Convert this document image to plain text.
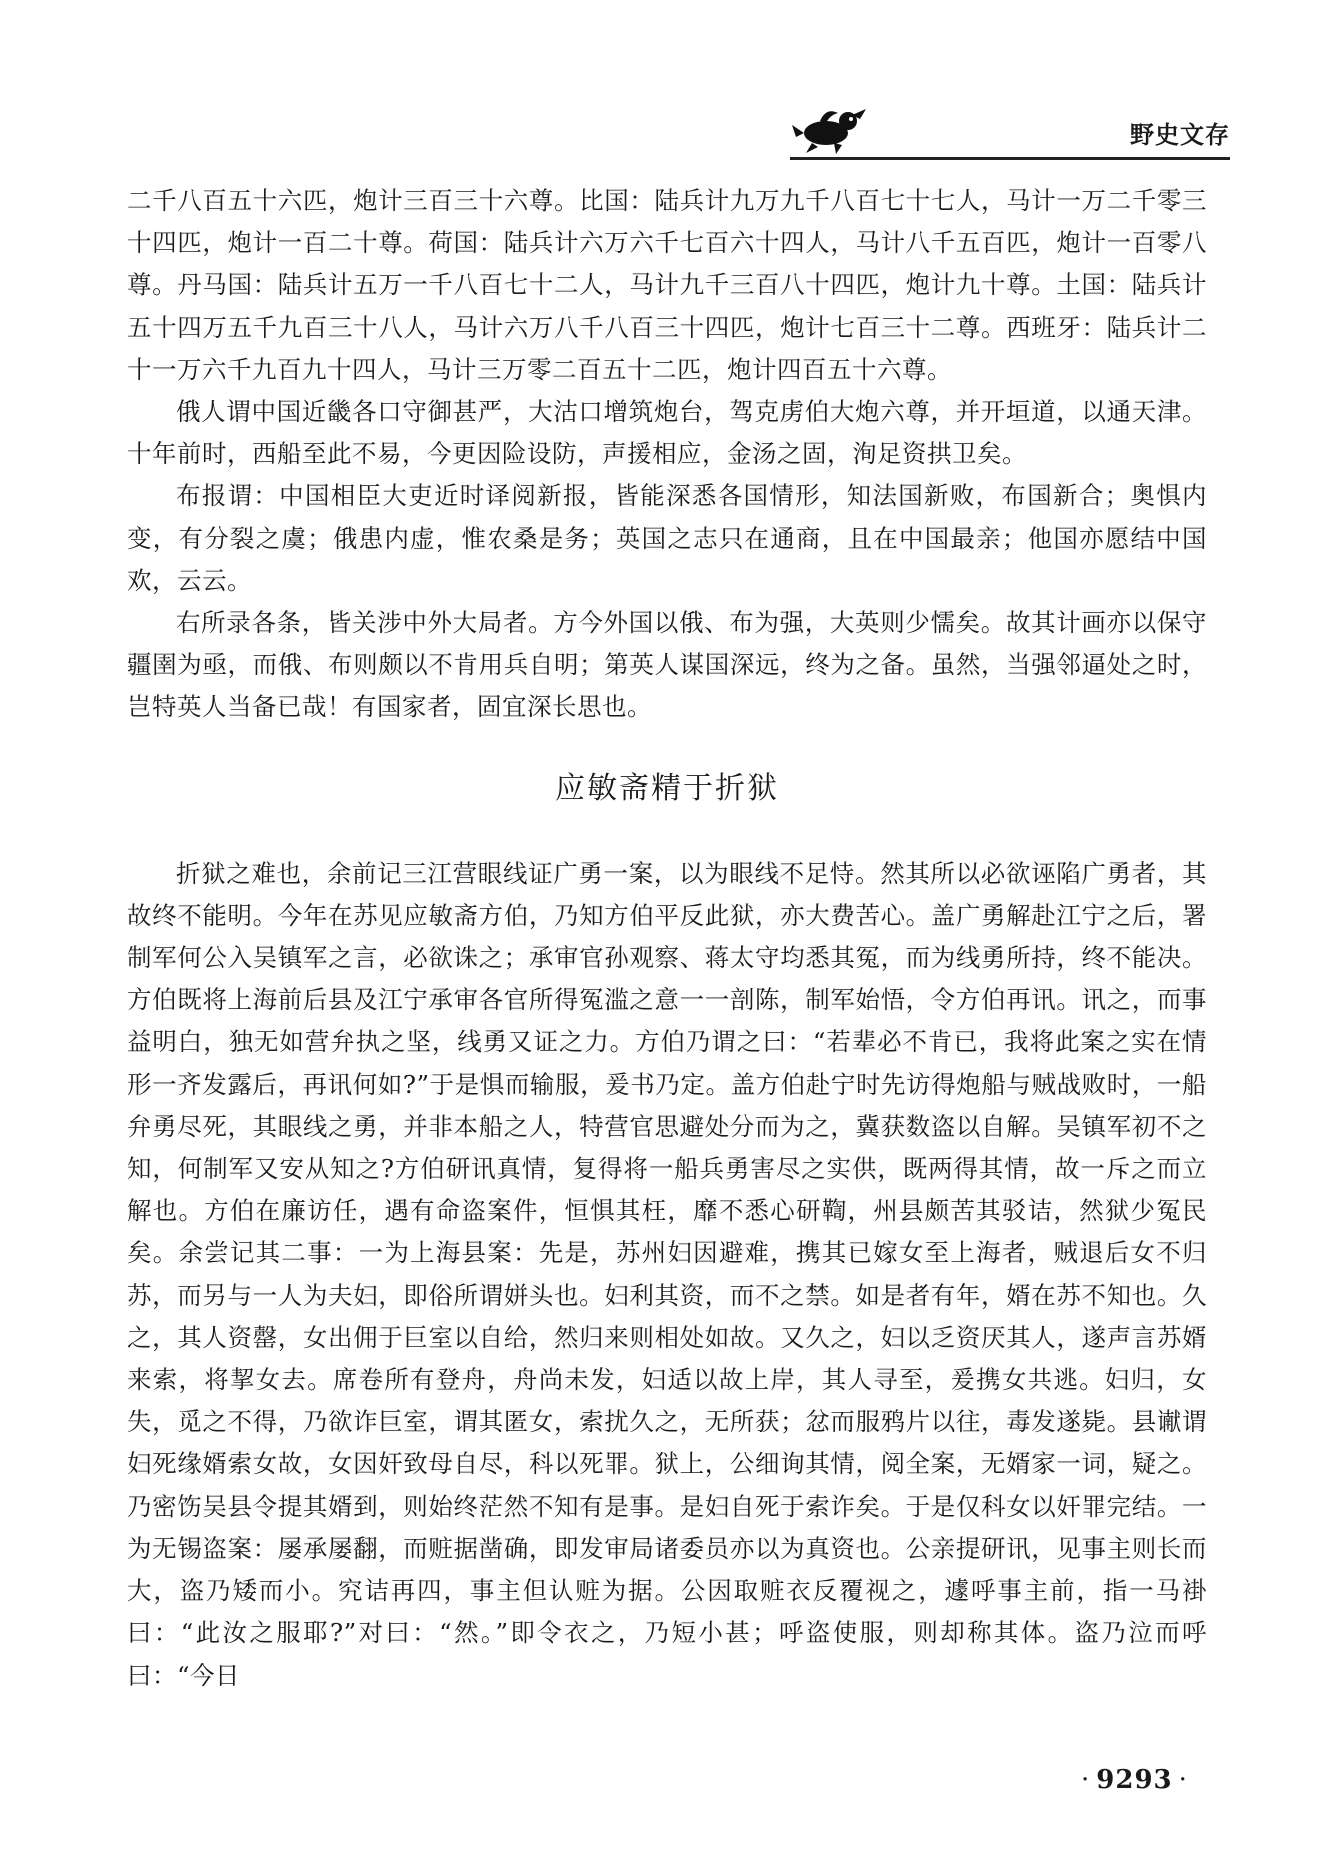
野史文存

二千八百五十六匹，炮计三百三十六尊。比国：陆兵计九万九千八百七十七人，马计一万二千零三十四匹，炮计一百二十尊。荷国：陆兵计六万六千七百六十四人，马计八千五百匹，炮计一百零八尊。丹马国：陆兵计五万一千八百七十二人，马计九千三百八十四匹，炮计九十尊。土国：陆兵计五十四万五千九百三十八人，马计六万八千八百三十四匹，炮计七百三十二尊。西班牙：陆兵计二十一万六千九百九十四人，马计三万零二百五十二匹，炮计四百五十六尊。

俄人谓中国近畿各口守御甚严，大沽口增筑炮台，驾克虏伯大炮六尊，并开垣道，以通天津。十年前时，西船至此不易，今更因险设防，声援相应，金汤之固，洵足资拱卫矣。

布报谓：中国相臣大吏近时译阅新报，皆能深悉各国情形，知法国新败，布国新合；奥惧内变，有分裂之虞；俄患内虚，惟农桑是务；英国之志只在通商，且在中国最亲；他国亦愿结中国欢，云云。

右所录各条，皆关涉中外大局者。方今外国以俄、布为强，大英则少懦矣。故其计画亦以保守疆圉为亟，而俄、布则颇以不肯用兵自明；第英人谋国深远，终为之备。虽然，当强邻逼处之时，岂特英人当备已哉！有国家者，固宜深长思也。

应敏斋精于折狱

折狱之难也，余前记三江营眼线证广勇一案，以为眼线不足恃。然其所以必欲诬陷广勇者，其故终不能明。今年在苏见应敏斋方伯，乃知方伯平反此狱，亦大费苦心。盖广勇解赴江宁之后，署制军何公入吴镇军之言，必欲诛之；承审官孙观察、蒋太守均悉其冤，而为线勇所持，终不能决。方伯既将上海前后县及江宁承审各官所得冤滥之意一一剖陈，制军始悟，令方伯再讯。讯之，而事益明白，独无如营弁执之坚，线勇又证之力。方伯乃谓之曰：“若辈必不肯已，我将此案之实在情形一齐发露后，再讯何如?”于是惧而输服，爰书乃定。盖方伯赴宁时先访得炮船与贼战败时，一船弁勇尽死，其眼线之勇，并非本船之人，特营官思避处分而为之，冀获数盗以自解。吴镇军初不之知，何制军又安从知之?方伯研讯真情，复得将一船兵勇害尽之实供，既两得其情，故一斥之而立解也。方伯在廉访任，遇有命盗案件，恒惧其枉，靡不悉心研鞫，州县颇苦其驳诘，然狱少冤民矣。余尝记其二事：一为上海县案：先是，苏州妇因避难，携其已嫁女至上海者，贼退后女不归苏，而另与一人为夫妇，即俗所谓姘头也。妇利其资，而不之禁。如是者有年，婿在苏不知也。久之，其人资罄，女出佣于巨室以自给，然归来则相处如故。又久之，妇以乏资厌其人，遂声言苏婿来索，将挈女去。席卷所有登舟，舟尚未发，妇适以故上岸，其人寻至，爰携女共逃。妇归，女失，觅之不得，乃欲诈巨室，谓其匿女，索扰久之，无所获；忿而服鸦片以往，毒发遂毙。县谳谓妇死缘婿索女故，女因奸致母自尽，科以死罪。狱上，公细询其情，阅全案，无婿家一词，疑之。乃密饬吴县令提其婿到，则始终茫然不知有是事。是妇自死于索诈矣。于是仅科女以奸罪完结。一为无锡盗案：屡承屡翻，而赃据凿确，即发审局诸委员亦以为真资也。公亲提研讯，见事主则长而大，盗乃矮而小。究诘再四，事主但认赃为据。公因取赃衣反覆视之，遽呼事主前，指一马褂曰：“此汝之服耶?”对曰：“然。”即令衣之，乃短小甚；呼盗使服，则却称其体。盗乃泣而呼曰：“今日

· 9293 ·
